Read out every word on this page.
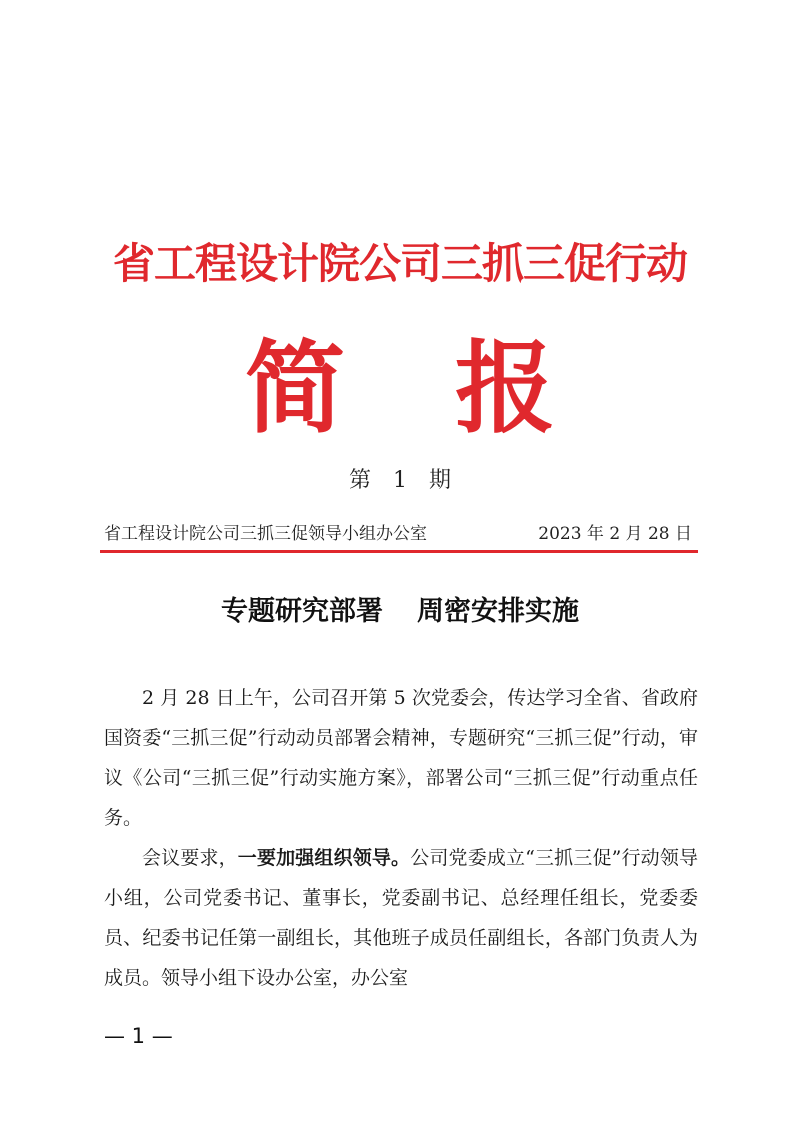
省工程设计院公司三抓三促行动
简 报
第　1　期
省工程设计院公司三抓三促领导小组办公室	2023 年 2 月 28 日
专题研究部署 周密安排实施

2 月 28 日上午，公司召开第 5 次党委会，传达学习全省、省政府国资委“三抓三促”行动动员部署会精神，专题研究“三抓三促”行动，审议《公司“三抓三促”行动实施方案》，部署公司“三抓三促”行动重点任务。

会议要求，一要加强组织领导。公司党委成立“三抓三促”行动领导小组，公司党委书记、董事长，党委副书记、总经理任组长，党委委员、纪委书记任第一副组长，其他班子成员任副组长，各部门负责人为成员。领导小组下设办公室，办公室

— 1 —
